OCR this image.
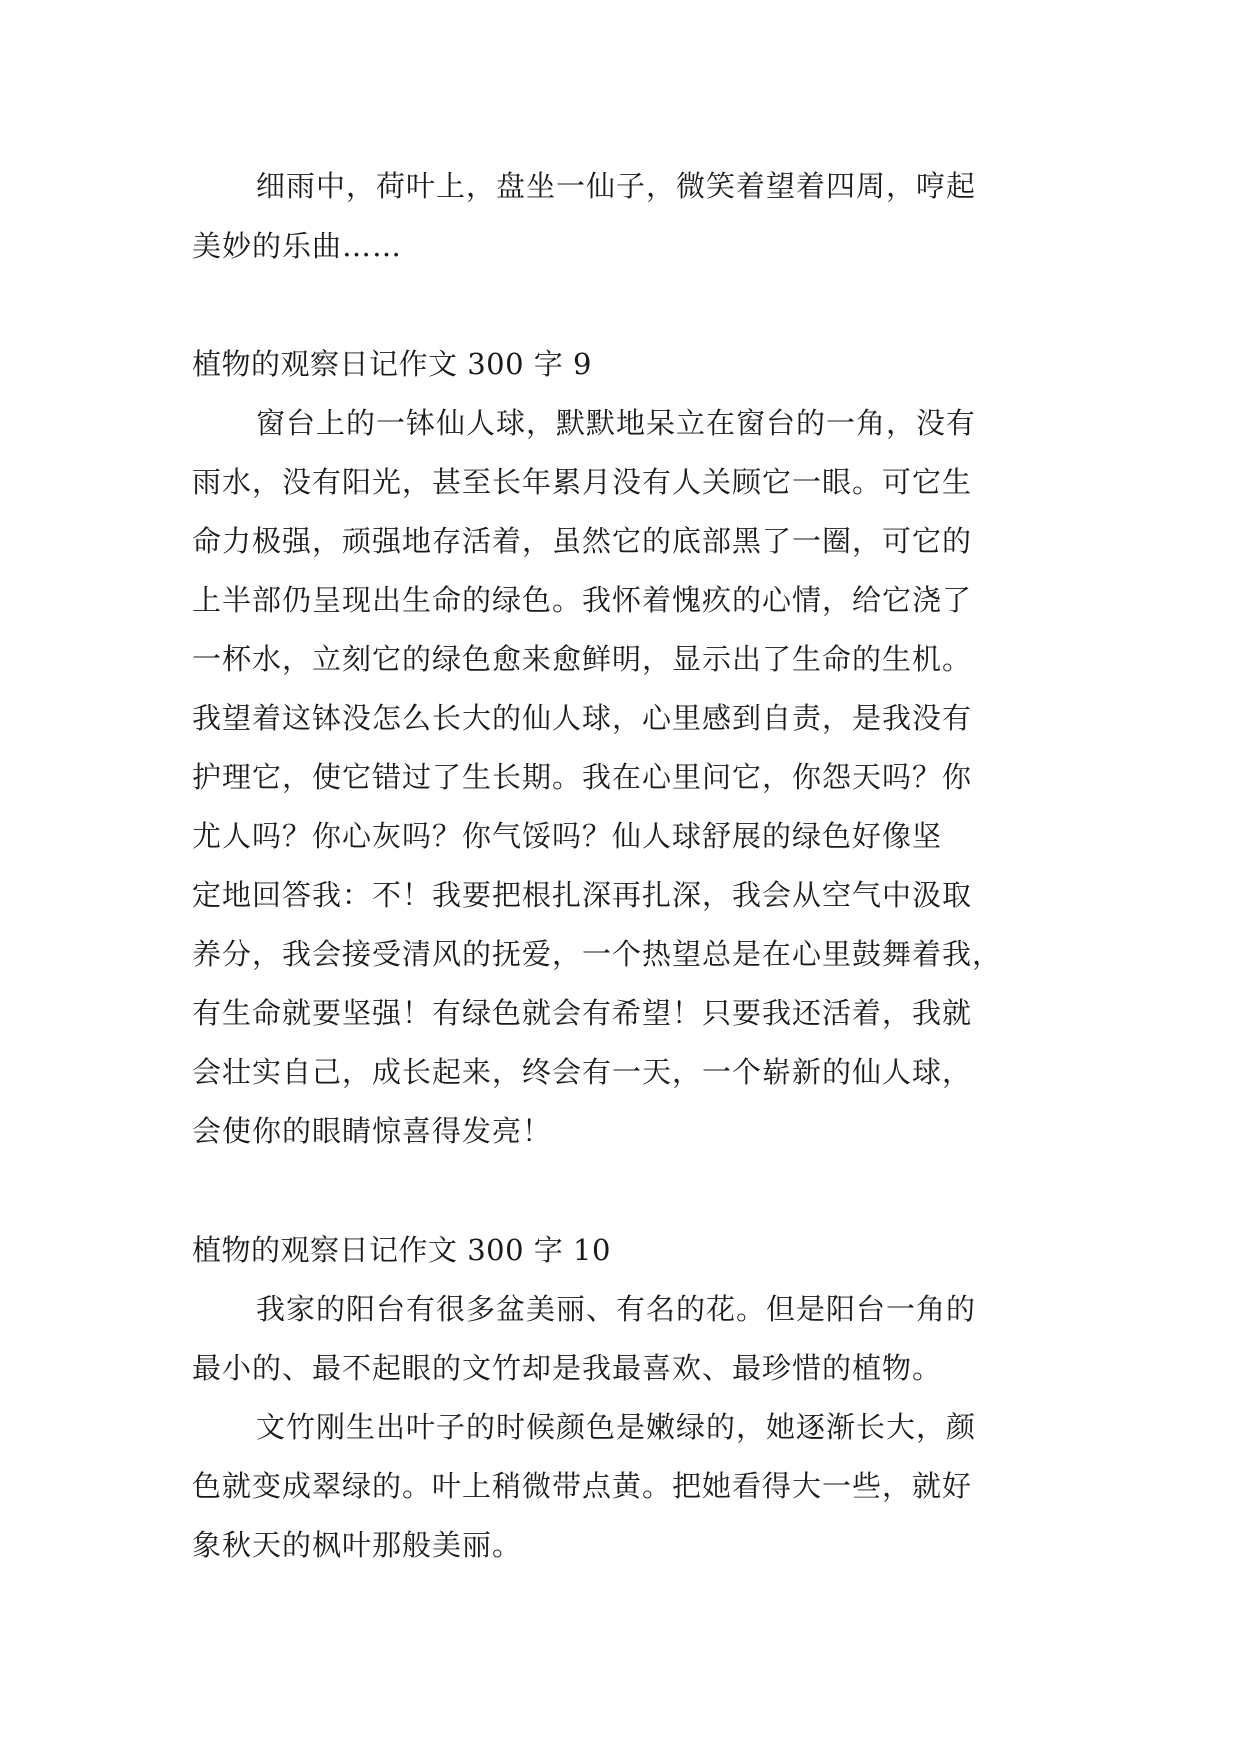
细雨中，荷叶上，盘坐一仙子，微笑着望着四周，哼起

美妙的乐曲……

植物的观察日记作文 300 字 9

窗台上的一钵仙人球，默默地呆立在窗台的一角，没有

雨水，没有阳光，甚至长年累月没有人关顾它一眼。可它生

命力极强，顽强地存活着，虽然它的底部黑了一圈，可它的

上半部仍呈现出生命的绿色。我怀着愧疚的心情，给它浇了

一杯水，立刻它的绿色愈来愈鲜明，显示出了生命的生机。

我望着这钵没怎么长大的仙人球，心里感到自责，是我没有

护理它，使它错过了生长期。我在心里问它，你怨天吗？你

尤人吗？你心灰吗？你气馁吗？仙人球舒展的绿色好像坚

定地回答我：不！我要把根扎深再扎深，我会从空气中汲取

养分，我会接受清风的抚爱，一个热望总是在心里鼓舞着我，

有生命就要坚强！有绿色就会有希望！只要我还活着，我就

会壮实自己，成长起来，终会有一天，一个崭新的仙人球，

会使你的眼睛惊喜得发亮！

植物的观察日记作文 300 字 10

我家的阳台有很多盆美丽、有名的花。但是阳台一角的

最小的、最不起眼的文竹却是我最喜欢、最珍惜的植物。

文竹刚生出叶子的时候颜色是嫩绿的，她逐渐长大，颜

色就变成翠绿的。叶上稍微带点黄。把她看得大一些，就好

象秋天的枫叶那般美丽。
